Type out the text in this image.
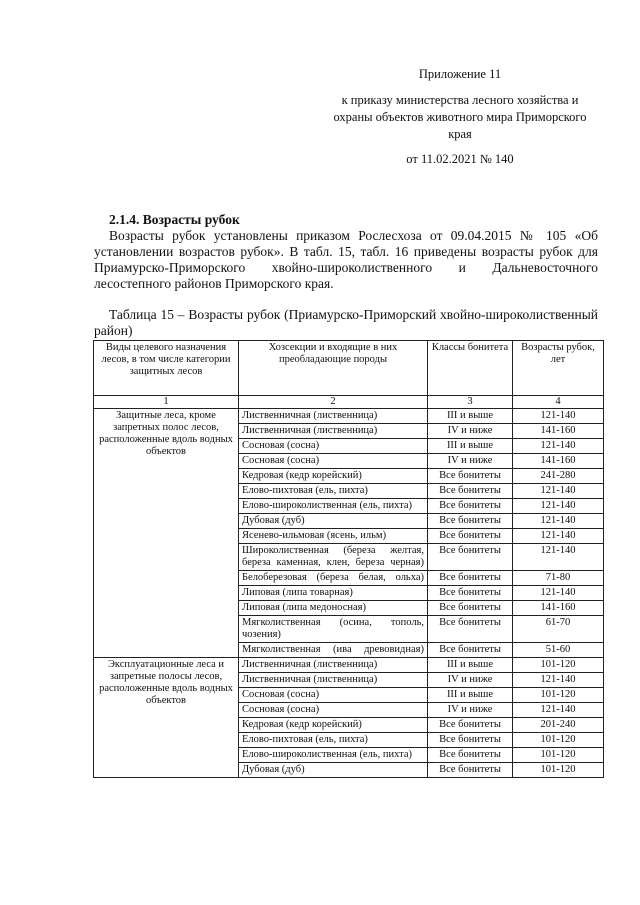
Приложение 11
к приказу министерства лесного хозяйства и охраны объектов животного мира Приморского края
от 11.02.2021 № 140
2.1.4. Возрасты рубок
Возрасты рубок установлены приказом Рослесхоза от 09.04.2015 № 105 «Об установлении возрастов рубок». В табл. 15, табл. 16 приведены возрасты рубок для Приамурско-Приморского хвойно-широколиственного и Дальневосточного лесостепного районов Приморского края.
Таблица 15 – Возрасты рубок (Приамурско-Приморский хвойно-широколиственный район)
Виды целевого назначения лесов, в том числе категории защитных лесов	Хозсекции и входящие в них преобладающие породы	Классы бонитета	Возрасты рубок, лет
1	2	3	4
Защитные леса, кроме запретных полос лесов, расположенные вдоль водных объектов	Лиственничная (лиственница)	III и выше	121-140
	Лиственничная (лиственница)	IV и ниже	141-160
	Сосновая (сосна)	III и выше	121-140
	Сосновая (сосна)	IV и ниже	141-160
	Кедровая (кедр корейский)	Все бонитеты	241-280
	Елово-пихтовая (ель, пихта)	Все бонитеты	121-140
	Елово-широколиственная (ель, пихта)	Все бонитеты	121-140
	Дубовая (дуб)	Все бонитеты	121-140
	Ясенево-ильмовая (ясень, ильм)	Все бонитеты	121-140
	Широколиственная (береза желтая, береза каменная, клен, береза черная)	Все бонитеты	121-140
	Белоберезовая (береза белая, ольха)	Все бонитеты	71-80
	Липовая (липа товарная)	Все бонитеты	121-140
	Липовая (липа медоносная)	Все бонитеты	141-160
	Мягколиственная (осина, тополь, чозения)	Все бонитеты	61-70
	Мягколиственная (ива древовидная)	Все бонитеты	51-60
Эксплуатационные леса и запретные полосы лесов, расположенные вдоль водных объектов	Лиственничная (лиственница)	III и выше	101-120
	Лиственничная (лиственница)	IV и ниже	121-140
	Сосновая (сосна)	III и выше	101-120
	Сосновая (сосна)	IV и ниже	121-140
	Кедровая (кедр корейский)	Все бонитеты	201-240
	Елово-пихтовая (ель, пихта)	Все бонитеты	101-120
	Елово-широколиственная (ель, пихта)	Все бонитеты	101-120
	Дубовая (дуб)	Все бонитеты	101-120
